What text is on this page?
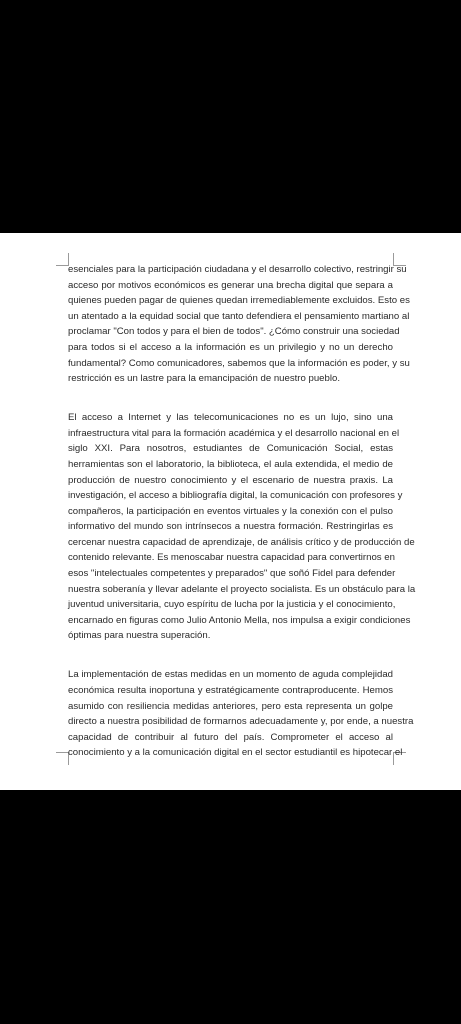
esenciales para la participación ciudadana y el desarrollo colectivo, restringir su
acceso por motivos económicos es generar una brecha digital que separa a
quienes pueden pagar de quienes quedan irremediablemente excluidos. Esto es
un atentado a la equidad social que tanto defendiera el pensamiento martiano al
proclamar "Con todos y para el bien de todos". ¿Cómo construir una sociedad
para todos si el acceso a la información es un privilegio y no un derecho
fundamental? Como comunicadores, sabemos que la información es poder, y su
restricción es un lastre para la emancipación de nuestro pueblo.
El acceso a Internet y las telecomunicaciones no es un lujo, sino una
infraestructura vital para la formación académica y el desarrollo nacional en el
siglo XXI. Para nosotros, estudiantes de Comunicación Social, estas
herramientas son el laboratorio, la biblioteca, el aula extendida, el medio de
producción de nuestro conocimiento y el escenario de nuestra praxis. La
investigación, el acceso a bibliografía digital, la comunicación con profesores y
compañeros, la participación en eventos virtuales y la conexión con el pulso
informativo del mundo son intrínsecos a nuestra formación. Restringirlas es
cercenar nuestra capacidad de aprendizaje, de análisis crítico y de producción de
contenido relevante. Es menoscabar nuestra capacidad para convertirnos en
esos "intelectuales competentes y preparados" que soñó Fidel para defender
nuestra soberanía y llevar adelante el proyecto socialista. Es un obstáculo para la
juventud universitaria, cuyo espíritu de lucha por la justicia y el conocimiento,
encarnado en figuras como Julio Antonio Mella, nos impulsa a exigir condiciones
óptimas para nuestra superación.
La implementación de estas medidas en un momento de aguda complejidad
económica resulta inoportuna y estratégicamente contraproducente. Hemos
asumido con resiliencia medidas anteriores, pero esta representa un golpe
directo a nuestra posibilidad de formarnos adecuadamente y, por ende, a nuestra
capacidad de contribuir al futuro del país. Comprometer el acceso al
conocimiento y a la comunicación digital en el sector estudiantil es hipotecar el
